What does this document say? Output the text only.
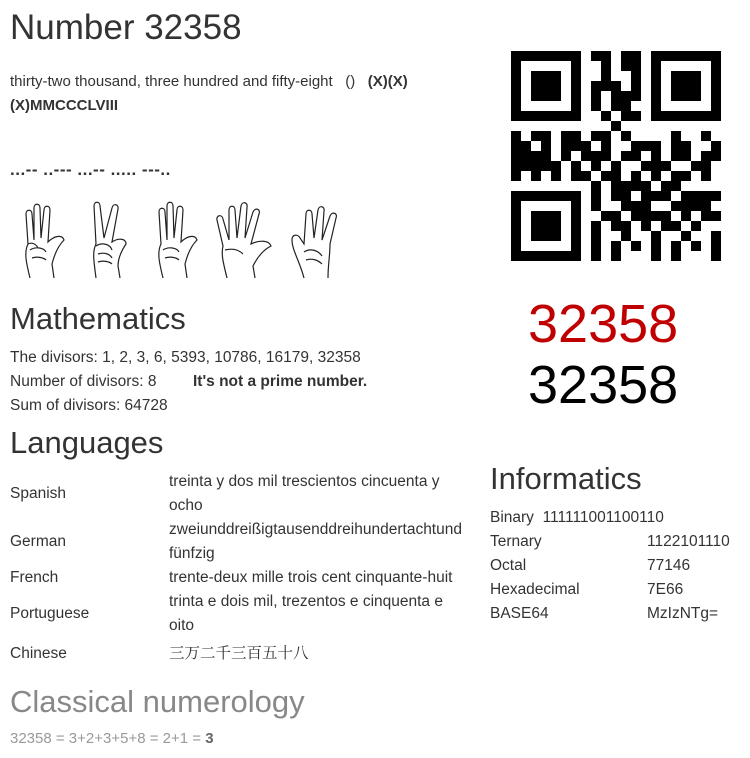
Number 32358
thirty-two thousand, three hundred and fifty-eight () (X)(X)(X)MMCCCLVIII
...-- ..--- ...-- ..... ---..

32358
32358
Mathematics
The divisors: 1, 2, 3, 6, 5393, 10786, 16179, 32358
Number of divisors: 8 It's not a prime number.
Sum of divisors: 64728
Languages
Spanish	treinta y dos mil trescientos cincuenta y ocho
German	zweiunddreißigtausenddreihundertachtundfünfzig
French	trente-deux mille trois cent cinquante-huit
Portuguese	trinta e dois mil, trezentos e cinquenta e oito
Chinese	三万二千三百五十八
Informatics
Binary 111111001100110
Ternary	1122101110
Octal	77146
Hexadecimal	7E66
BASE64	MzIzNTg=
Classical numerology
32358 = 3+2+3+5+8 = 2+1 = 3
